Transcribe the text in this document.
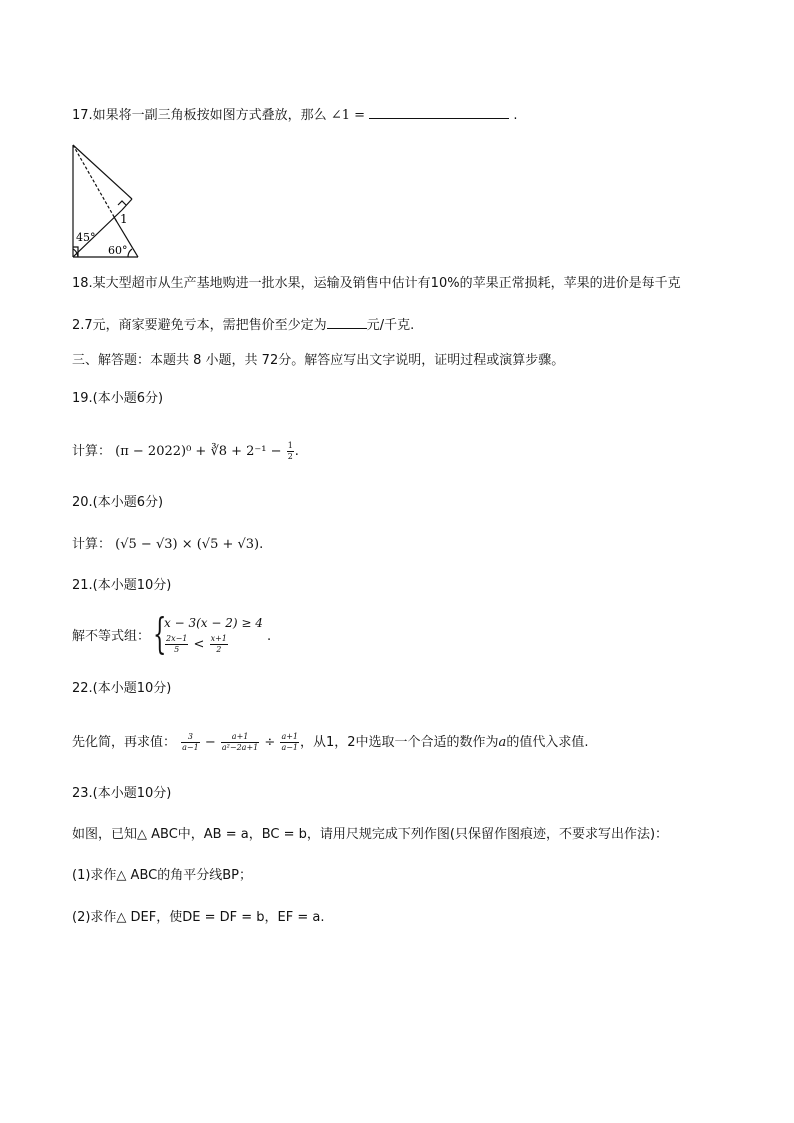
17.如果将一副三角板按如图方式叠放，那么 ∠1 =	.
1
45°
60°
18.某大型超市从生产基地购进一批水果，运输及销售中估计有10%的苹果正常损耗，苹果的进价是每千克
2.7元，商家要避免亏本，需把售价至少定为	元/千克.
三、解答题：本题共 8 小题，共 72分。解答应写出文字说明，证明过程或演算步骤。
19.(本小题6分)
计算： (π − 2022)⁰ + ∛8 + $2^{-1} - \frac{1}{2}$ .
20.(本小题6分)
计算： (√5 − √3) × (√5 + √3).
21.(本小题10分)
解不等式组： {
x − 3(x − 2) ≥ 4
$\frac{2x-1}{5} < \frac{x+1}{2}$	.
22.(本小题10分)
先化简，再求值： $\frac{3}{a-1} - \frac{a+1}{\text{a²−2a+1}} \div \frac{a+1}{a-1}$ ，从1，2中选取一个合适的数作为a的值代入求值.
23.(本小题10分)
如图，已知△ ABC中，AB = a，BC = b，请用尺规完成下列作图(只保留作图痕迹，不要求写出作法)：
(1)求作△ ABC的角平分线BP；
(2)求作△ DEF，使DE = DF = b，EF = a.
